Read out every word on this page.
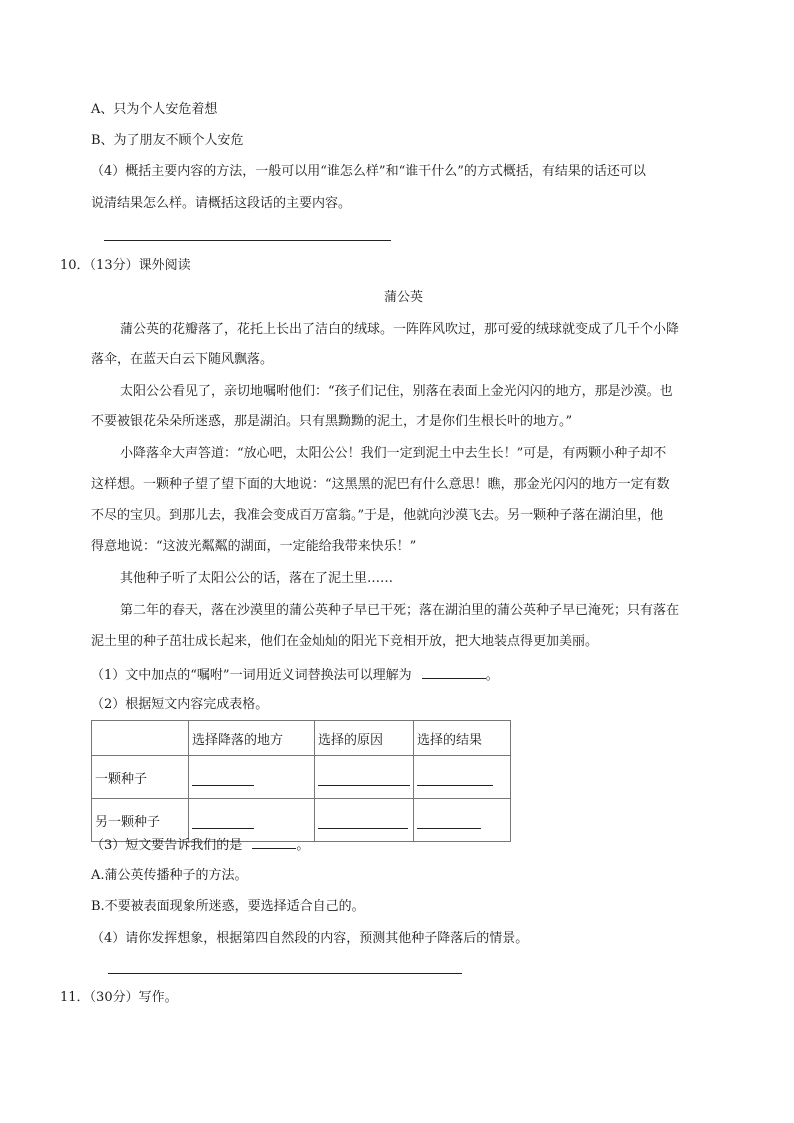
A、只为个人安危着想
B、为了朋友不顾个人安危
（4）概括主要内容的方法，一般可以用“谁怎么样”和“谁干什么”的方式概括，有结果的话还可以
说清结果怎么样。请概括这段话的主要内容。
10．（13分）课外阅读
蒲公英
蒲公英的花瓣落了，花托上长出了洁白的绒球。一阵阵风吹过，那可爱的绒球就变成了几千个小降
落伞，在蓝天白云下随风飘落。
太阳公公看见了，亲切地嘱咐他们：“孩子们记住，别落在表面上金光闪闪的地方，那是沙漠。也
不要被银花朵朵所迷惑，那是湖泊。只有黑黝黝的泥土，才是你们生根长叶的地方。”
小降落伞大声答道：“放心吧，太阳公公！我们一定到泥土中去生长！”可是，有两颗小种子却不
这样想。一颗种子望了望下面的大地说：“这黑黑的泥巴有什么意思！瞧，那金光闪闪的地方一定有数
不尽的宝贝。到那儿去，我准会变成百万富翁。”于是，他就向沙漠飞去。另一颗种子落在湖泊里，他
得意地说：“这波光粼粼的湖面，一定能给我带来快乐！”
其他种子听了太阳公公的话，落在了泥土里……
第二年的春天，落在沙漠里的蒲公英种子早已干死；落在湖泊里的蒲公英种子早已淹死；只有落在
泥土里的种子茁壮成长起来，他们在金灿灿的阳光下竞相开放，把大地装点得更加美丽。
（1）文中加点的“嘱咐”一词用近义词替换法可以理解为	。
（2）根据短文内容完成表格。
	选择降落的地方	选择的原因	选择的结果
一颗种子			
另一颗种子			
（3）短文要告诉我们的是	。
A.蒲公英传播种子的方法。
B.不要被表面现象所迷惑，要选择适合自己的。
（4）请你发挥想象，根据第四自然段的内容，预测其他种子降落后的情景。
11．（30分）写作。
